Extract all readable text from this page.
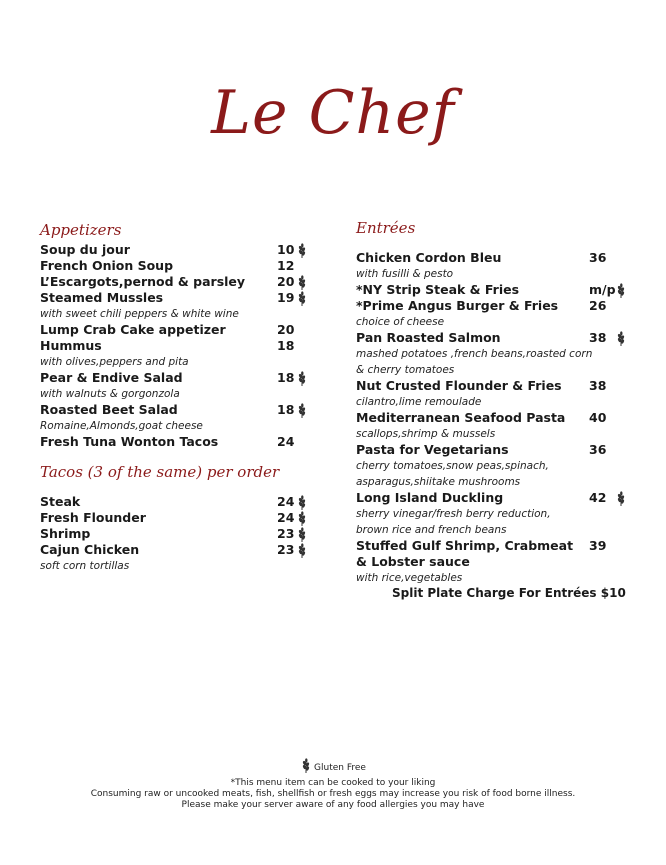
Le Chef
Appetizers
Soup du jour	10
French Onion Soup	12
L’Escargots,pernod & parsley	20
Steamed Mussles	19
with sweet chili peppers & white wine
Lump Crab Cake appetizer	20
Hummus	18
with olives,peppers and pita
Pear & Endive Salad	18
with walnuts & gorgonzola
Roasted Beet Salad	18
Romaine,Almonds,goat cheese
Fresh Tuna Wonton Tacos	24
Tacos (3 of the same) per order
Steak	24
Fresh Flounder	24
Shrimp	23
Cajun Chicken	23
soft corn tortillas
Entrées
Chicken Cordon Bleu	36
with fusilli & pesto
*NY Strip Steak & Fries	m/p
*Prime Angus Burger & Fries 26
choice of cheese
Pan Roasted Salmon	38
mashed potatoes ,french beans,roasted corn
& cherry tomatoes
Nut Crusted Flounder & Fries 38
cilantro,lime remoulade
Mediterranean Seafood Pasta 40
scallops,shrimp & mussels
Pasta for Vegetarians	36
cherry tomatoes,snow peas,spinach,
asparagus,shiitake mushrooms
Long Island Duckling	42
sherry vinegar/fresh berry reduction,
brown rice and french beans
Stuffed Gulf Shrimp, Crabmeat 39
& Lobster sauce
with rice,vegetables
Split Plate Charge For Entrées $10
Gluten Free
*This menu item can be cooked to your liking
Consuming raw or uncooked meats, fish, shellfish or fresh eggs may increase you risk of food borne illness.
Please make your server aware of any food allergies you may have
